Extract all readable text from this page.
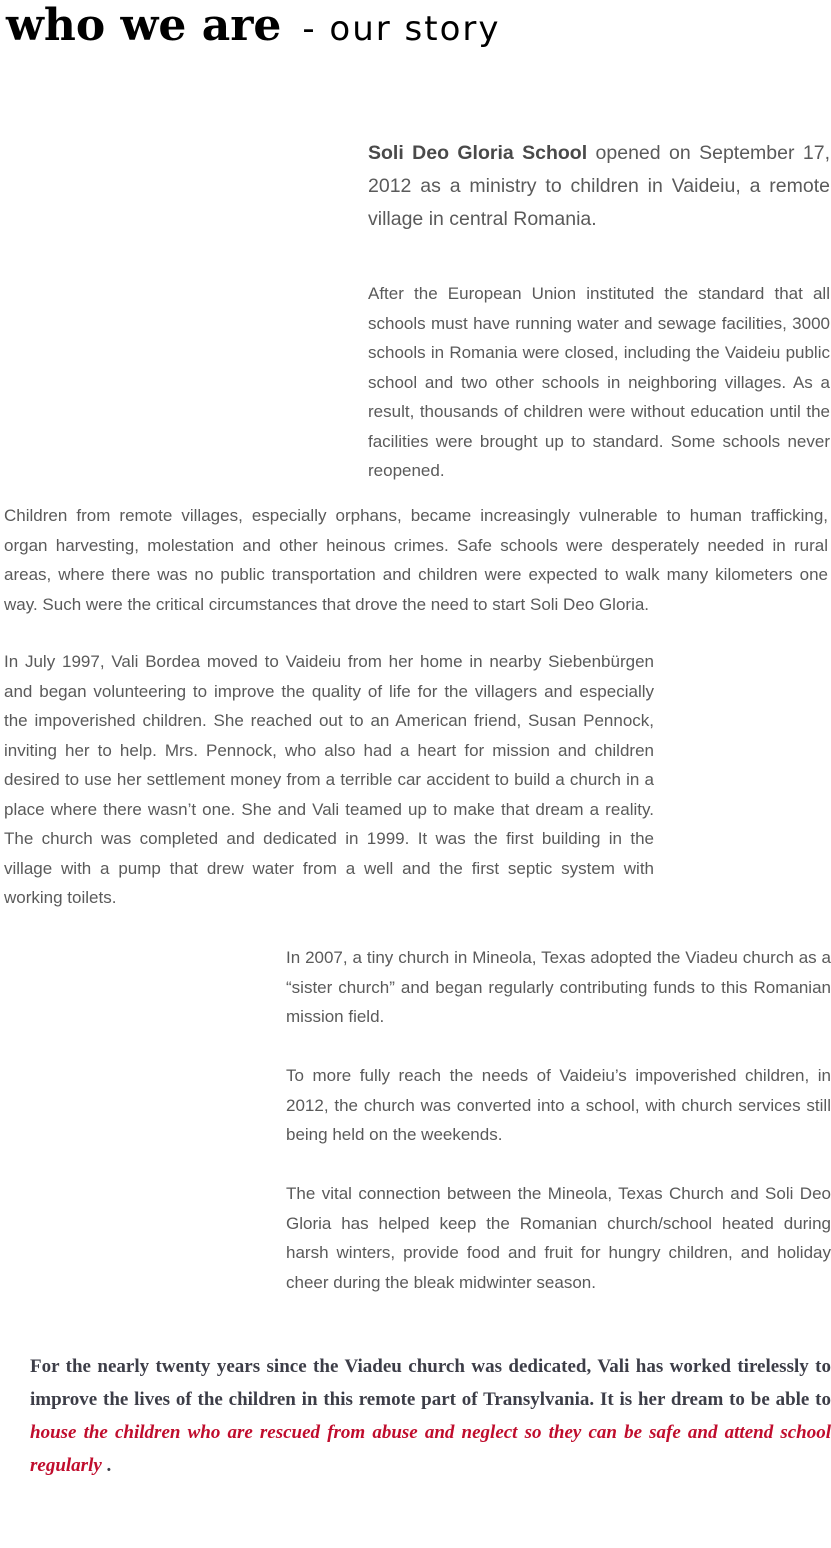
who we are - our story

Soli Deo Gloria School opened on September 17, 2012 as a ministry to children in Vaideiu, a remote village in central Romania.

After the European Union instituted the standard that all schools must have running water and sewage facilities, 3000 schools in Romania were closed, including the Vaideiu public school and two other schools in neighboring villages. As a result, thousands of children were without education until the facilities were brought up to standard. Some schools never reopened.

Children from remote villages, especially orphans, became increasingly vulnerable to human trafficking, organ harvesting, molestation and other heinous crimes. Safe schools were desperately needed in rural areas, where there was no public transportation and children were expected to walk many kilometers one way. Such were the critical circumstances that drove the need to start Soli Deo Gloria.

In July 1997, Vali Bordea moved to Vaideiu from her home in nearby Siebenbürgen and began volunteering to improve the quality of life for the villagers and especially the impoverished children. She reached out to an American friend, Susan Pennock, inviting her to help. Mrs. Pennock, who also had a heart for mission and children desired to use her settlement money from a terrible car accident to build a church in a place where there wasn’t one. She and Vali teamed up to make that dream a reality. The church was completed and dedicated in 1999. It was the first building in the village with a pump that drew water from a well and the first septic system with working toilets.

In 2007, a tiny church in Mineola, Texas adopted the Viadeu church as a “sister church” and began regularly contributing funds to this Romanian mission field.

To more fully reach the needs of Vaideiu’s impoverished children, in 2012, the church was converted into a school, with church services still being held on the weekends.

The vital connection between the Mineola, Texas Church and Soli Deo Gloria has helped keep the Romanian church/school heated during harsh winters, provide food and fruit for hungry children, and holiday cheer during the bleak midwinter season.

For the nearly twenty years since the Viadeu church was dedicated, Vali has worked tirelessly to improve the lives of the children in this remote part of Transylvania. It is her dream to be able to house the children who are rescued from abuse and neglect so they can be safe and attend school regularly .
